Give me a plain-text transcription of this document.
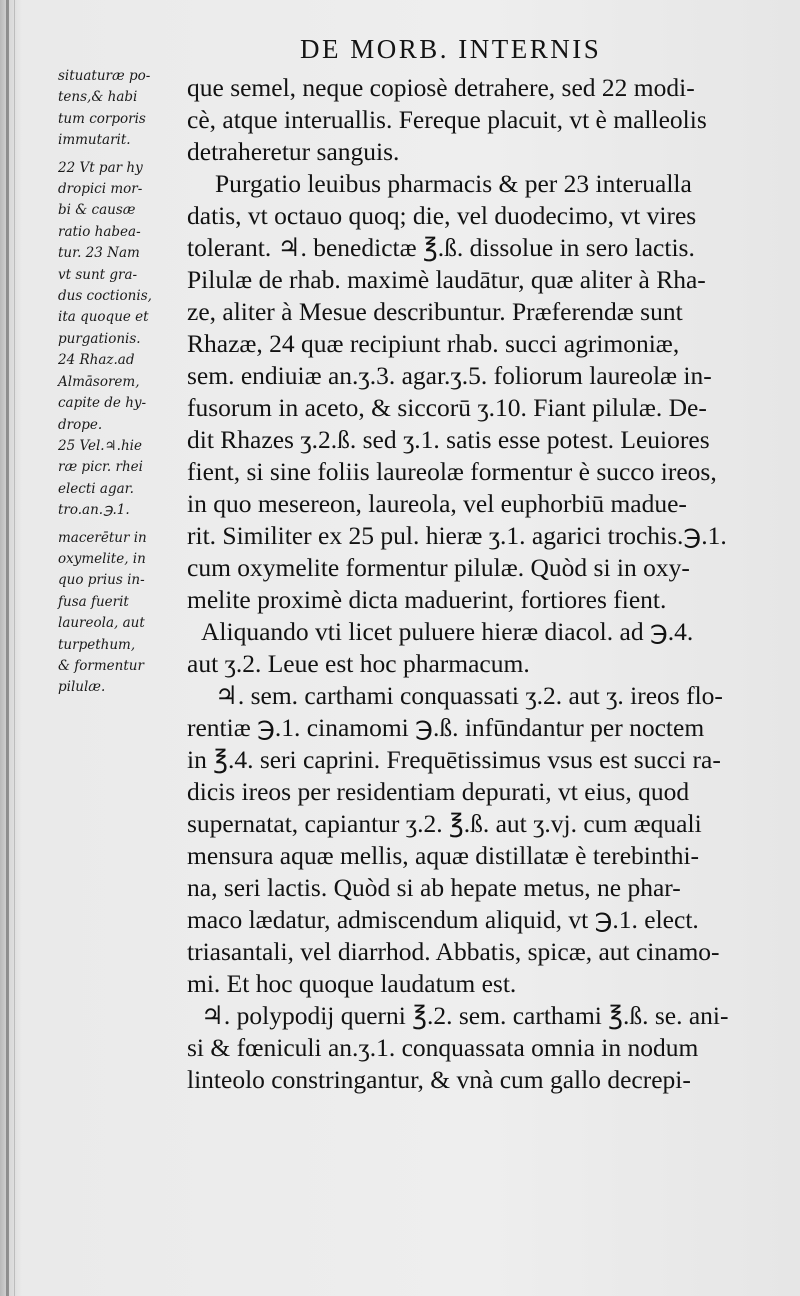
DE MORB. INTERNIS
situaturæ po-
tens,& habi
tum corporis
immutarit.
22 Vt par hy
dropici mor-
bi & causæ
ratio habea-
tur. 23 Nam
vt sunt gra-
dus coctionis,
ita quoque et
purgationis.
24 Rhaz.ad
Almāsorem,
capite de hy-
drope.
25 Vel.♃.hie
ræ picr. rhei
electi agar.
tro.an.℈.1.
macerētur in
oxymelite, in
quo prius in-
fusa fuerit
laureola, aut
turpethum,
& formentur
pilulæ.
que semel, neque copiosè detrahere, sed 22 modi-
cè, atque interuallis. Fereque placuit, vt è malleolis
detraheretur sanguis.
Purgatio leuibus pharmacis & per 23 interualla
datis, vt octauo quoq; die, vel duodecimo, vt vires
tolerant. ♃. benedictæ ℥.ß. dissolue in sero lactis.
Pilulæ de rhab. maximè laudātur, quæ aliter à Rha-
ze, aliter à Mesue describuntur. Præferendæ sunt
Rhazæ, 24 quæ recipiunt rhab. succi agrimoniæ,
sem. endiuiæ an.ʒ.3. agar.ʒ.5. foliorum laureolæ in-
fusorum in aceto, & siccorū ʒ.10. Fiant pilulæ. De-
dit Rhazes ʒ.2.ß. sed ʒ.1. satis esse potest. Leuiores
fient, si sine foliis laureolæ formentur è succo ireos,
in quo mesereon, laureola, vel euphorbiū madue-
rit. Similiter ex 25 pul. hieræ ʒ.1. agarici trochis.℈.1.
cum oxymelite formentur pilulæ. Quòd si in oxy-
melite proximè dicta maduerint, fortiores fient.
Aliquando vti licet puluere hieræ diacol. ad ℈.4.
aut ʒ.2. Leue est hoc pharmacum.
♃. sem. carthami conquassati ʒ.2. aut ʒ. ireos flo-
rentiæ ℈.1. cinamomi ℈.ß. infūndantur per noctem
in ℥.4. seri caprini. Frequētissimus vsus est succi ra-
dicis ireos per residentiam depurati, vt eius, quod
supernatat, capiantur ʒ.2. ℥.ß. aut ʒ.vj. cum æquali
mensura aquæ mellis, aquæ distillatæ è terebinthi-
na, seri lactis. Quòd si ab hepate metus, ne phar-
maco lædatur, admiscendum aliquid, vt ℈.1. elect.
triasantali, vel diarrhod. Abbatis, spicæ, aut cinamo-
mi. Et hoc quoque laudatum est.
♃. polypodij querni ℥.2. sem. carthami ℥.ß. se. ani-
si & fœniculi an.ʒ.1. conquassata omnia in nodum
linteolo constringantur, & vnà cum gallo decrepi-
